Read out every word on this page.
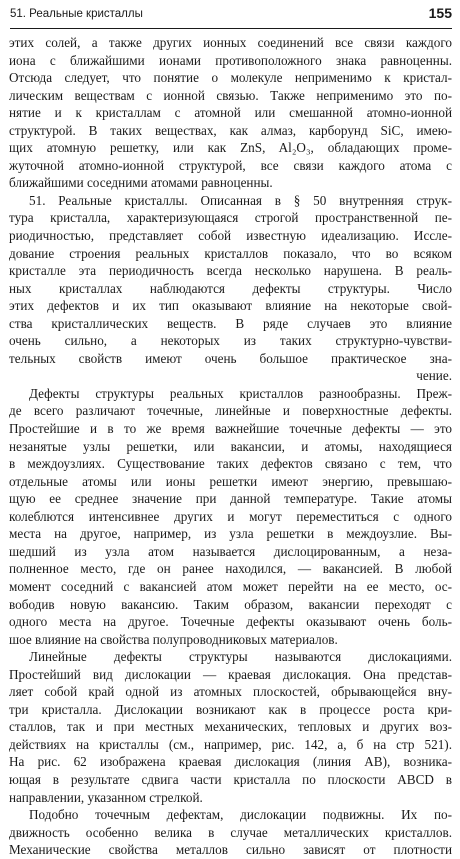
51. Реальные кристаллы	155
этих солей, а также других ионных соединений все связи каждого
иона с ближайшими ионами противоположного знака равноценны.
Отсюда следует, что понятие о молекуле неприменимо к кристал-
лическим веществам с ионной связью. Также неприменимо это по-
нятие и к кристаллам с атомной или смешанной атомно-ионной
структурой. В таких веществах, как алмаз, карборунд SiC, имею-
щих атомную решетку, или как ZnS, Al₂O₃, обладающих проме-
жуточной атомно-ионной структурой, все связи каждого атома с
ближайшими соседними атомами равноценны.
51. Реальные кристаллы. Описанная в § 50 внутренняя струк-
тура кристалла, характеризующаяся строгой пространственной пе-
риодичностью, представляет собой известную идеализацию. Иссле-
дование строения реальных кристаллов показало, что во всяком
кристалле эта периодичность всегда несколько нарушена. В реаль-
ных кристаллах наблюдаются дефекты структуры. Число
этих дефектов и их тип оказывают влияние на некоторые свой-
ства кристаллических веществ. В ряде случаев это влияние
очень сильно, а некоторых из таких структурно-чувстви-
тельных свойств имеют очень большое практическое зна-
чение.
Дефекты структуры реальных кристаллов разнообразны. Преж-
де всего различают точечные, линейные и поверхностные дефекты.
Простейшие и в то же время важнейшие точечные дефекты — это
незанятые узлы решетки, или вакансии, и атомы, находящиеся
в междоузлиях. Существование таких дефектов связано с тем, что
отдельные атомы или ионы решетки имеют энергию, превышаю-
щую ее среднее значение при данной температуре. Такие атомы
колеблются интенсивнее других и могут переместиться с одного
места на другое, например, из узла решетки в междоузлие. Вы-
шедший из узла атом называется дислоцированным, а неза-
полненное место, где он ранее находился, — вакансией. В любой
момент соседний с вакансией атом может перейти на ее место, ос-
вободив новую вакансию. Таким образом, вакансии переходят с
одного места на другое. Точечные дефекты оказывают очень боль-
шое влияние на свойства полупроводниковых материалов.
Линейные дефекты структуры называются дислокациями.
Простейший вид дислокации — краевая дислокация. Она представ-
ляет собой край одной из атомных плоскостей, обрывающейся вну-
три кристалла. Дислокации возникают как в процессе роста кри-
сталлов, так и при местных механических, тепловых и других воз-
действиях на кристаллы (см., например, рис. 142, а, б на стр 521).
На рис. 62 изображена краевая дислокация (линия AB), возника-
ющая в результате сдвига части кристалла по плоскости ABCD в
направлении, указанном стрелкой.
Подобно точечным дефектам, дислокации подвижны. Их по-
движность особенно велика в случае металлических кристаллов.
Механические свойства металлов сильно зависят от плотности
